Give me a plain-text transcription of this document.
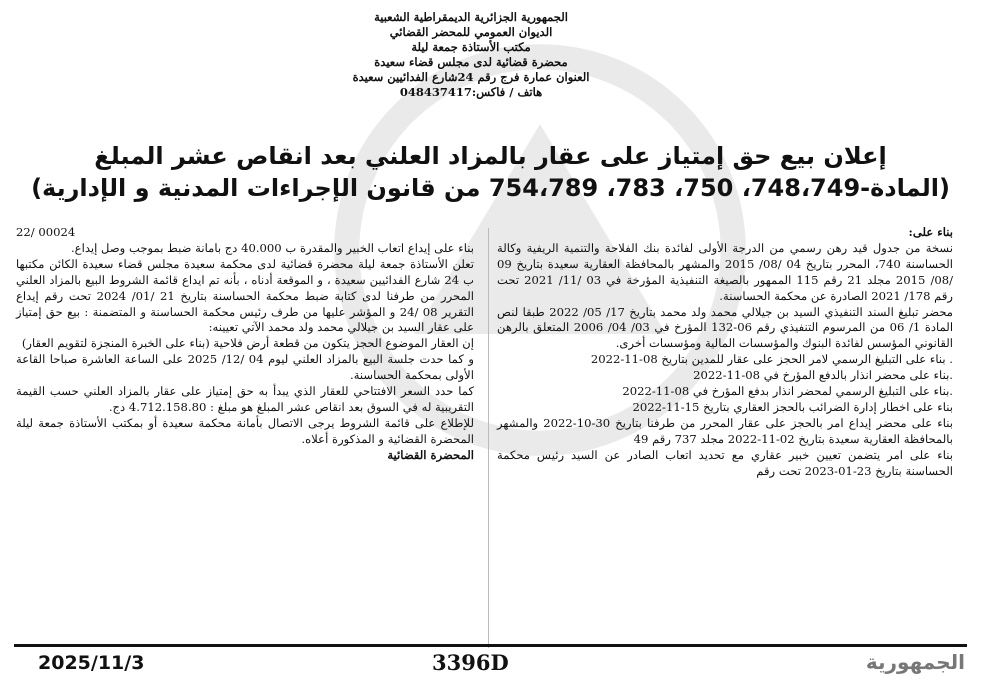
الجمهورية الجزائرية الديمقراطية الشعبية
الديوان العمومي للمحضر القضائي
مكتب الأستاذة جمعة ليلة
محضرة قضائية لدى مجلس قضاء سعيدة
العنوان عمارة فرج رقم 24شارع الفدائيين سعيدة
هاتف / فاكس:048437417
إعلان بيع حق إمتياز على عقار بالمزاد العلني بعد انقاص عشر المبلغ
(المادة-748،749، 750، 783، 754،789 من قانون الإجراءات المدنية و الإدارية)

بناء على:

نسخة من جدول قيد رهن رسمي من الدرجة الأولى لفائدة بنك الفلاحة والتنمية الريفية وكالة الحساسنة 740، المحرر بتاريخ 04 /08/ 2015 والمشهر بالمحافظة العقارية سعيدة بتاريخ 09 /08/ 2015 مجلد 21 رقم 115 الممهور بالصيغة التنفيذية المؤرخة في 03 /11/ 2021 تحت رقم 178/ 2021 الصادرة عن محكمة الحساسنة.

محضر تبليغ السند التنفيذي السيد بن جيلالي محمد ولد محمد بتاريخ 17/ 05/ 2022 طبقا لنص المادة 1/ 06 من المرسوم التنفيذي رقم 06-132 المؤرخ في 03/ 04/ 2006 المتعلق بالرهن القانوني المؤسس لفائدة البنوك والمؤسسات المالية ومؤسسات أخرى.

. بناء على التبليغ الرسمي لامر الحجز على عقار للمدين بتاريخ 08-11-2022

.بناء على محضر انذار بالدفع المؤرخ في 08-11-2022

.بناء على التبليغ الرسمي لمحضر انذار بدفع المؤرخ في 08-11-2022

بناء على اخطار إدارة الضرائب بالحجز العقاري بتاريخ 15-11-2022

بناء على محضر إيداع امر بالحجز على عقار المحرر من طرفنا بتاريخ 30-10-2022 والمشهر بالمحافظة العقارية سعيدة بتاريخ 02-11-2022 مجلد 737 رقم 49

بناء على امر يتضمن تعيين خبير عقاري مع تحديد اتعاب الصادر عن السيد رئيس محكمة الحساسنة بتاريخ 23-01-2023 تحت رقم

22/ 00024

بناء على إيداع اتعاب الخبير والمقدرة ب 40.000 دج بامانة ضبط بموجب وصل إيداع.

تعلن الأستاذة جمعة ليلة محضرة قضائية لدى محكمة سعيدة مجلس قضاء سعيدة الكائن مكتبها ب 24 شارع الفدائيين سعيدة ، و الموقعة أدناه ، بأنه تم ايداع قائمة الشروط البيع بالمزاد العلني المحرر من طرفنا لدى كتابة ضبط محكمة الحساسنة بتاريخ 21 /01/ 2024 تحت رقم إيداع التقرير 08 /24 و المؤشر عليها من طرف رئيس محكمة الحساسنة و المتضمنة : بيع حق إمتياز على عقار السيد بن جيلالي محمد ولد محمد الآتي تعيينه:

إن العقار الموضوع الحجز يتكون من قطعة أرض فلاحية (بناء على الخبرة المنجزة لتقويم العقار)

و كما حدت جلسة البيع بالمزاد العلني ليوم 04 /12/ 2025 على الساعة العاشرة صباحا القاعة الأولى بمحكمة الحساسنة.

كما حدد السعر الافتتاحي للعقار الذي يبدأ به حق إمتياز على عقار بالمزاد العلني حسب القيمة التقريبية له في السوق بعد انقاص عشر المبلغ هو مبلغ : 4.712.158.80 دج.

للإطلاع على قائمة الشروط يرجى الاتصال بأمانة محكمة سعيدة أو بمكتب الأستاذة جمعة ليلة المحضرة القضائية و المذكورة أعلاه.

المحضرة القضائية

2025/11/3	3396D	الجمهورية
